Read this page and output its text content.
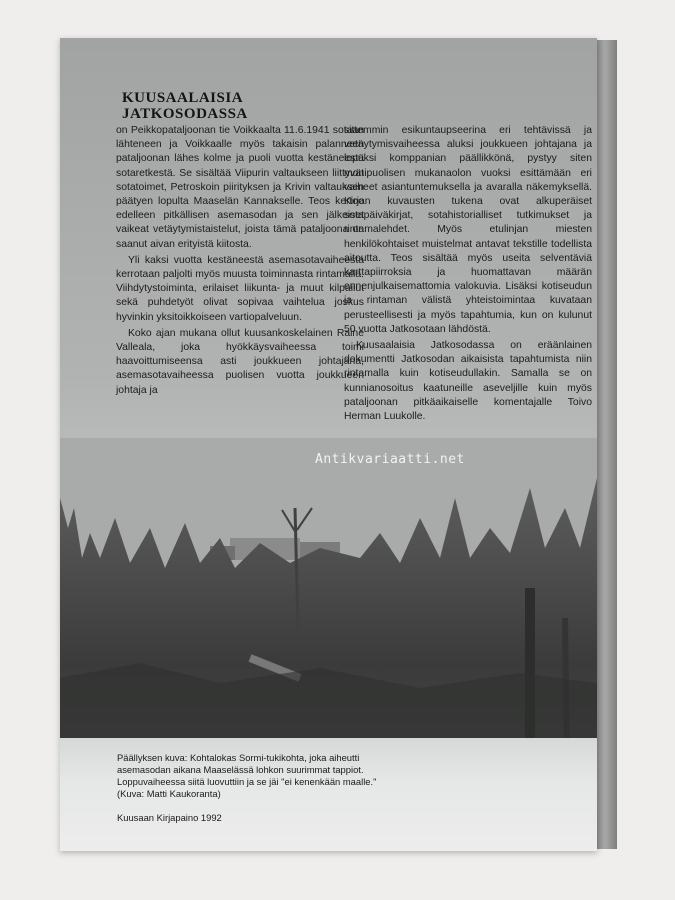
KUUSAALAISIA
JATKOSODASSA

on Peikkopataljoonan tie Voikkaalta 11.6.1941 sotaan lähteneen ja Voikkaalle myös takaisin palanneen pataljoonan lähes kolme ja puoli vuotta kestäneestä sotaretkestä. Se sisältää Viipurin valtaukseen liittyvät sotatoimet, Petroskoin piirityksen ja Krivin valtauksen päätyen lopulta Maaselän Kannakselle. Teos kertoo edelleen pitkällisen asemasodan ja sen jälkeiset vaikeat vetäytymistaistelut, joista tämä pataljoona on saanut aivan erityistä kiitosta.

Yli kaksi vuotta kestäneestä asemasotavaiheesta kerrotaan paljolti myös muusta toiminnasta rintamalla. Viihdytystoiminta, erilaiset liikunta- ja muut kilpailut sekä puhdetyöt olivat sopivaa vaihtelua joskus hyvinkin yksitoikkoiseen vartiopalveluun.

Koko ajan mukana ollut kuusankoskelainen Raine Valleala, joka hyökkäysvaiheessa toimi haavoittumiseensa asti joukkueen johtajana, asemasotavaiheessa puolisen vuotta joukkueen johtaja ja

sittemmin esikuntaupseerina eri tehtävissä ja vetäytymisvaiheessa aluksi joukkueen johtajana ja lopuksi komppanian päällikkönä, pystyy siten monipuolisen mukanaolon vuoksi esittämään eri vaiheet asiantuntemuksella ja avaralla näkemyksellä. Kirjan kuvausten tukena ovat alkuperäiset sotapäiväkirjat, sotahistorialliset tutkimukset ja rintamalehdet. Myös etulinjan miesten henkilökohtaiset muistelmat antavat tekstille todellista aitoutta. Teos sisältää myös useita selventäviä karttapiirroksia ja huomattavan määrän ennenjulkaisemattomia valokuvia. Lisäksi kotiseudun ja rintaman välistä yhteistoimintaa kuvataan perusteellisesti ja myös tapahtumia, kun on kulunut 50 vuotta Jatkosotaan lähdöstä.

Kuusaalaisia Jatkosodassa on eräänlainen dokumentti Jatkosodan aikaisista tapahtumista niin rintamalla kuin kotiseudullakin. Samalla se on kunnianosoitus kaatuneille aseveljille kuin myös pataljoonan pitkäaikaiselle komentajalle Toivo Herman Luukolle.

Antikvariaatti.net
Päällyksen kuva: Kohtalokas Sormi-tukikohta, joka aiheutti
asemasodan aikana Maaselässä lohkon suurimmat tappiot.
Loppuvaiheessa siitä luovuttiin ja se jäi "ei kenenkään maalle."
(Kuva: Matti Kaukoranta)
Kuusaan Kirjapaino 1992
